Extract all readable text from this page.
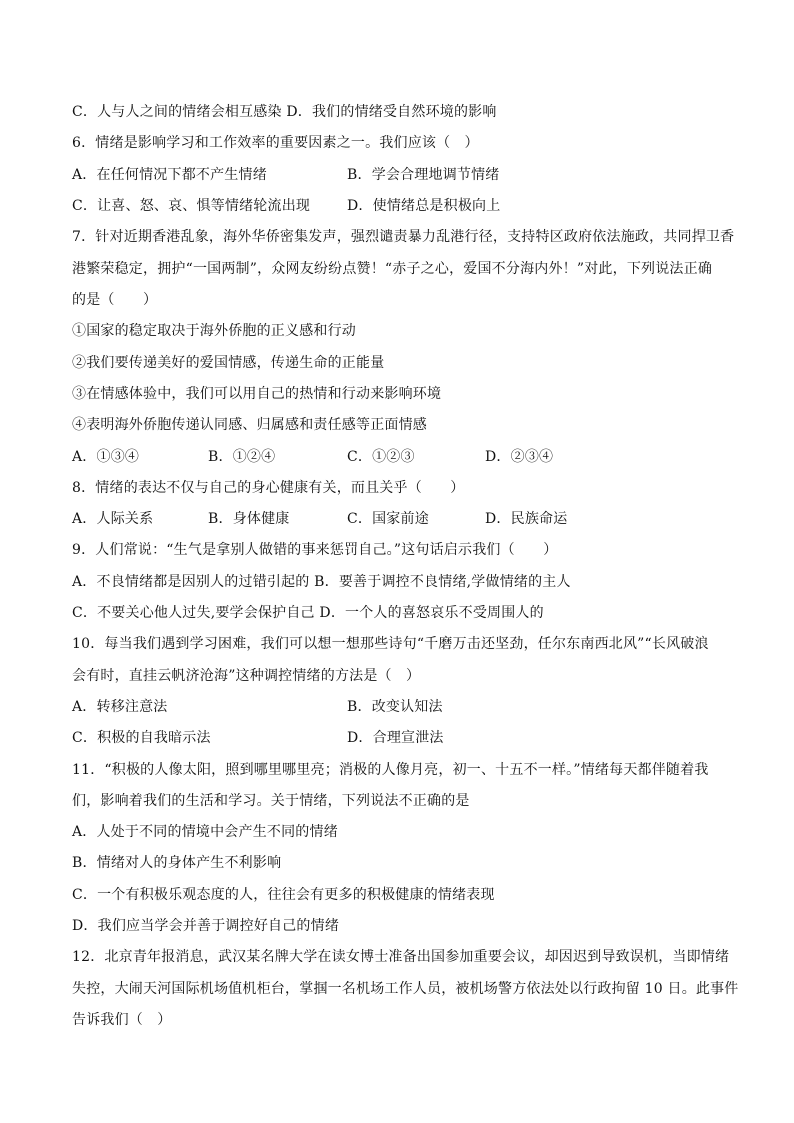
C．人与人之间的情绪会相互感染 D．我们的情绪受自然环境的影响
6．情绪是影响学习和工作效率的重要因素之一。我们应该（　）
A．在任何情况下都不产生情绪	B．学会合理地调节情绪
C．让喜、怒、哀、惧等情绪轮流出现	D．使情绪总是积极向上
7．针对近期香港乱象，海外华侨密集发声，强烈谴责暴力乱港行径，支持特区政府依法施政，共同捍卫香
港繁荣稳定，拥护“一国两制”，众网友纷纷点赞！“赤子之心，爱国不分海内外！”对此，下列说法正确
的是（　　）
①国家的稳定取决于海外侨胞的正义感和行动
②我们要传递美好的爱国情感，传递生命的正能量
③在情感体验中，我们可以用自己的热情和行动来影响环境
④表明海外侨胞传递认同感、归属感和责任感等正面情感
A．①③④	B．①②④	C．①②③	D．②③④
8．情绪的表达不仅与自己的身心健康有关，而且关乎（　　）
A．人际关系	B．身体健康	C．国家前途	D．民族命运
9．人们常说：“生气是拿别人做错的事来惩罚自己。”这句话启示我们（　　）
A．不良情绪都是因别人的过错引起的 B．要善于调控不良情绪,学做情绪的主人
C．不要关心他人过失,要学会保护自己 D．一个人的喜怒哀乐不受周围人的
10．每当我们遇到学习困难，我们可以想一想那些诗句“千磨万击还坚劲，任尔东南西北风”“长风破浪
会有时，直挂云帆济沧海”这种调控情绪的方法是（　）
A．转移注意法	B．改变认知法
C．积极的自我暗示法	D．合理宣泄法
11．“积极的人像太阳，照到哪里哪里亮；消极的人像月亮，初一、十五不一样。”情绪每天都伴随着我
们，影响着我们的生活和学习。关于情绪，下列说法不正确的是
A．人处于不同的情境中会产生不同的情绪
B．情绪对人的身体产生不利影响
C．一个有积极乐观态度的人，往往会有更多的积极健康的情绪表现
D．我们应当学会并善于调控好自己的情绪
12．北京青年报消息，武汉某名牌大学在读女博士准备出国参加重要会议，却因迟到导致误机，当即情绪
失控，大闹天河国际机场值机柜台，掌掴一名机场工作人员，被机场警方依法处以行政拘留 10 日。此事件
告诉我们（　）
